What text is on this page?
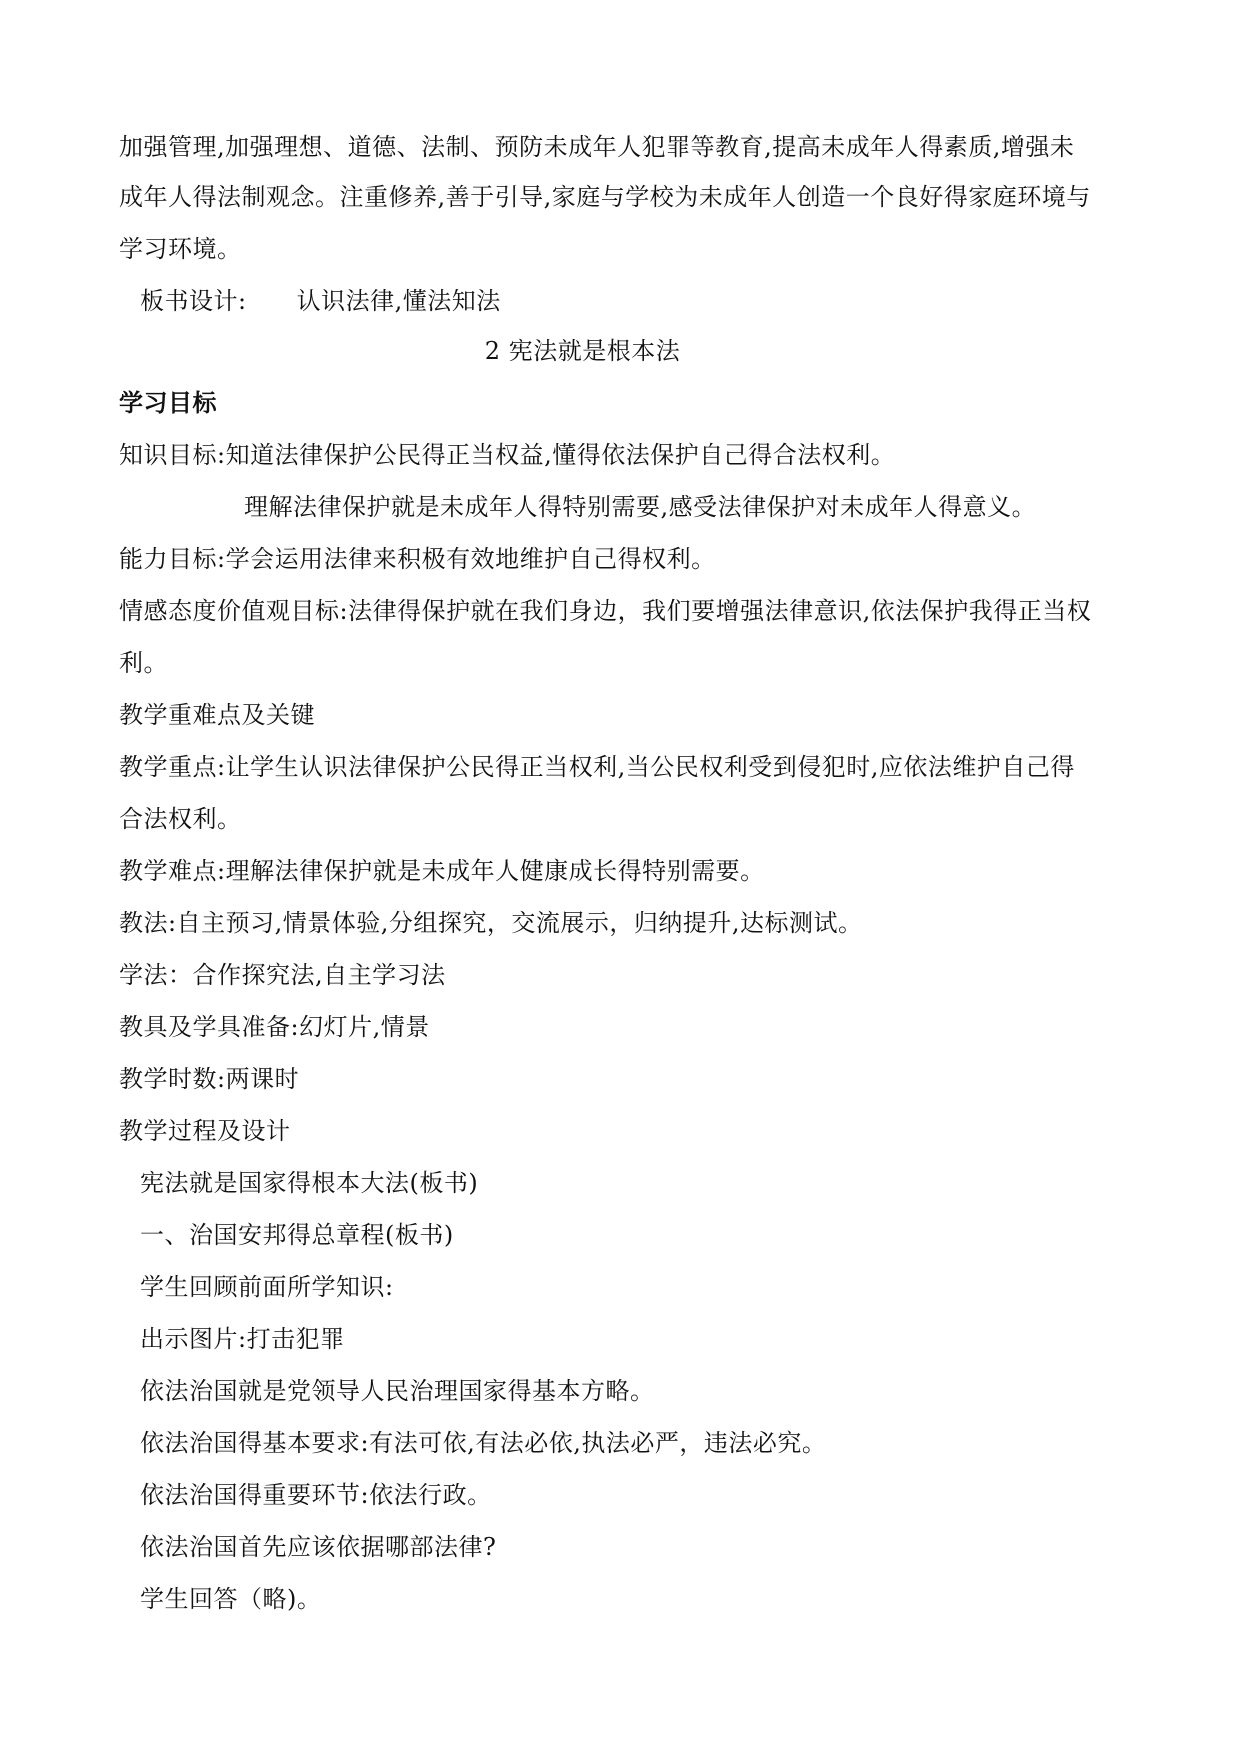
加强管理,加强理想、道德、法制、预防未成年人犯罪等教育,提高未成年人得素质,增强未
成年人得法制观念。注重修养,善于引导,家庭与学校为未成年人创造一个良好得家庭环境与
学习环境。
板书设计: 认识法律,懂法知法
2 宪法就是根本法
学习目标
知识目标:知道法律保护公民得正当权益,懂得依法保护自己得合法权利。
理解法律保护就是未成年人得特别需要,感受法律保护对未成年人得意义。
能力目标:学会运用法律来积极有效地维护自己得权利。
情感态度价值观目标:法律得保护就在我们身边，我们要增强法律意识,依法保护我得正当权
利。
教学重难点及关键
教学重点:让学生认识法律保护公民得正当权利,当公民权利受到侵犯时,应依法维护自己得
合法权利。
教学难点:理解法律保护就是未成年人健康成长得特别需要。
教法:自主预习,情景体验,分组探究，交流展示，归纳提升,达标测试。
学法：合作探究法,自主学习法
教具及学具准备:幻灯片,情景
教学时数:两课时
教学过程及设计
宪法就是国家得根本大法(板书)
一、治国安邦得总章程(板书)
学生回顾前面所学知识:
出示图片:打击犯罪
依法治国就是党领导人民治理国家得基本方略。
依法治国得基本要求:有法可依,有法必依,执法必严，违法必究。
依法治国得重要环节:依法行政。
依法治国首先应该依据哪部法律?
学生回答（略)。
